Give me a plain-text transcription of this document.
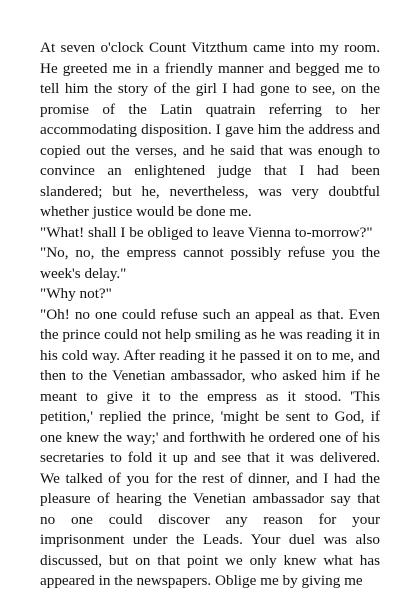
At seven o'clock Count Vitzthum came into my room. He greeted me in a friendly manner and begged me to tell him the story of the girl I had gone to see, on the promise of the Latin quatrain referring to her accommodating disposition. I gave him the address and copied out the verses, and he said that was enough to convince an enlightened judge that I had been slandered; but he, nevertheless, was very doubtful whether justice would be done me.

"What! shall I be obliged to leave Vienna to-morrow?"

"No, no, the empress cannot possibly refuse you the week's delay."

"Why not?"

"Oh! no one could refuse such an appeal as that. Even the prince could not help smiling as he was reading it in his cold way. After reading it he passed it on to me, and then to the Venetian ambassador, who asked him if he meant to give it to the empress as it stood. 'This petition,' replied the prince, 'might be sent to God, if one knew the way;' and forthwith he ordered one of his secretaries to fold it up and see that it was delivered. We talked of you for the rest of dinner, and I had the pleasure of hearing the Venetian ambassador say that no one could discover any reason for your imprisonment under the Leads. Your duel was also discussed, but on that point we only knew what has appeared in the newspapers. Oblige me by giving me
